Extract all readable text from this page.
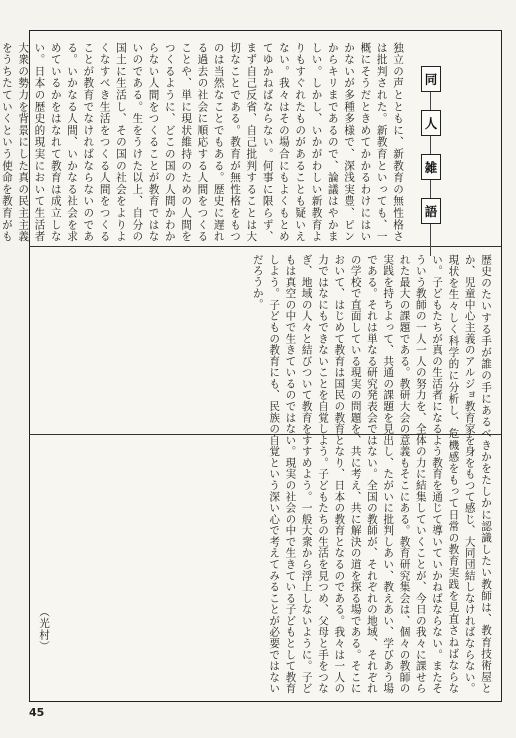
同
人
雑
語
独立の声とともに、新教育の無性格さは批判された。新教育といっても、一概にそうだときめてかかるわけにはいかないが多種多様で、深浅実豊、ピンからキリまであるので、論議はやかましい。しかし、いかがわしい新教育よりもすぐれたものがあることも疑いえない。我々はその場合にもよくもとめてゆかねばならない。何事に限らず、まず自己反省、自己批判することは大切なことである。教育が無性格をもつのは当然なことでもある。歴史に遅れる過去の社会に順応する人間をつくることや、単に現状維持のための人間をつくるように、どこの国の人間かわからない人間をつくることが教育ではないのである。生をうけた以上、自分の国土に生活し、その国の社会をよりよくなすべき生活をつくる人間をつくることが教育でなければならないのである。いかなる人間、いかなる社会を求めているかをはなれて教育は成立しない。日本の歴史的現実において生活者大衆の勢力を背景にした真の民主主義をうちたていくという使命を教育がも
歴史のたいする手が誰の手にあるべきかをたしかに認識したい教師は、教育技術屋とか、児童中心主義のアルジョ教育家を身をもつて感じ、大同団結しなければならない。現状を生々しく科学的に分析し、危機感をもって日常の教育実践を見直さねばならない。子どもたちが真の生活者になるよう教育を通じて導いていかねばならない。またそういう教師の一人一人の努力を、全体の力に結集していくことが、今日の我々に課せられた最大の課題である。教研大会の意義もそこにある。教育研究集会は、個々の教師の実践を持ちよって、共通の課題を見出し、たがいに批判しあい、教えあい、学びあう場である。それは単なる研究発表会ではない。全国の教師が、それぞれの地域、それぞれの学校で直面している現実の問題を、共に考え、共に解決の道を探る場である。そこにおいて、はじめて教育は国民の教育となり、日本の教育となるのである。我々は一人の力ではなにもできないことを自覚しよう。子どもたちの生活を見つめ、父母と手をつなぎ、地域の人々と結びついて教育をすすめよう。一般大衆から浮上しないように。子どもは真空の中で生きているのではない。現実の社会の中で生きている子どもとして教育しよう。子どもの教育にも、民族の自覚という深い心で考えてみることが必要ではないだろうか。
（光村）
45
